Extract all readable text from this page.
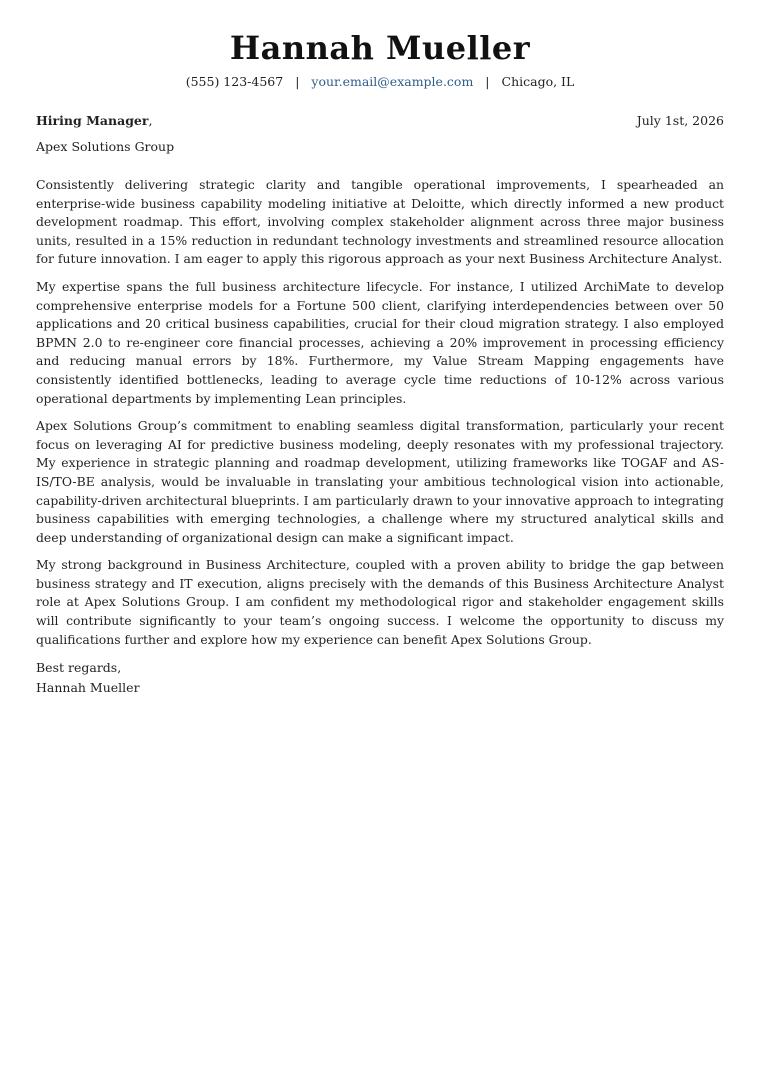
Hannah Mueller
(555) 123-4567 | your.email@example.com | Chicago, IL
Hiring Manager,	July 1st, 2026
Apex Solutions Group

Consistently delivering strategic clarity and tangible operational improvements, I spearheaded an enterprise-wide business capability modeling initiative at Deloitte, which directly informed a new product development roadmap. This effort, involving complex stakeholder alignment across three major business units, resulted in a 15% reduction in redundant technology investments and streamlined resource allocation for future innovation. I am eager to apply this rigorous approach as your next Business Architecture Analyst.

My expertise spans the full business architecture lifecycle. For instance, I utilized ArchiMate to develop comprehensive enterprise models for a Fortune 500 client, clarifying interdependencies between over 50 applications and 20 critical business capabilities, crucial for their cloud migration strategy. I also employed BPMN 2.0 to re-engineer core financial processes, achieving a 20% improvement in processing efficiency and reducing manual errors by 18%. Furthermore, my Value Stream Mapping engagements have consistently identified bottlenecks, leading to average cycle time reductions of 10-12% across various operational departments by implementing Lean principles.

Apex Solutions Group’s commitment to enabling seamless digital transformation, particularly your recent focus on leveraging AI for predictive business modeling, deeply resonates with my professional trajectory. My experience in strategic planning and roadmap development, utilizing frameworks like TOGAF and AS-IS/TO-BE analysis, would be invaluable in translating your ambitious technological vision into actionable, capability-driven architectural blueprints. I am particularly drawn to your innovative approach to integrating business capabilities with emerging technologies, a challenge where my structured analytical skills and deep understanding of organizational design can make a significant impact.

My strong background in Business Architecture, coupled with a proven ability to bridge the gap between business strategy and IT execution, aligns precisely with the demands of this Business Architecture Analyst role at Apex Solutions Group. I am confident my methodological rigor and stakeholder engagement skills will contribute significantly to your team’s ongoing success. I welcome the opportunity to discuss my qualifications further and explore how my experience can benefit Apex Solutions Group.

Best regards,
Hannah Mueller
